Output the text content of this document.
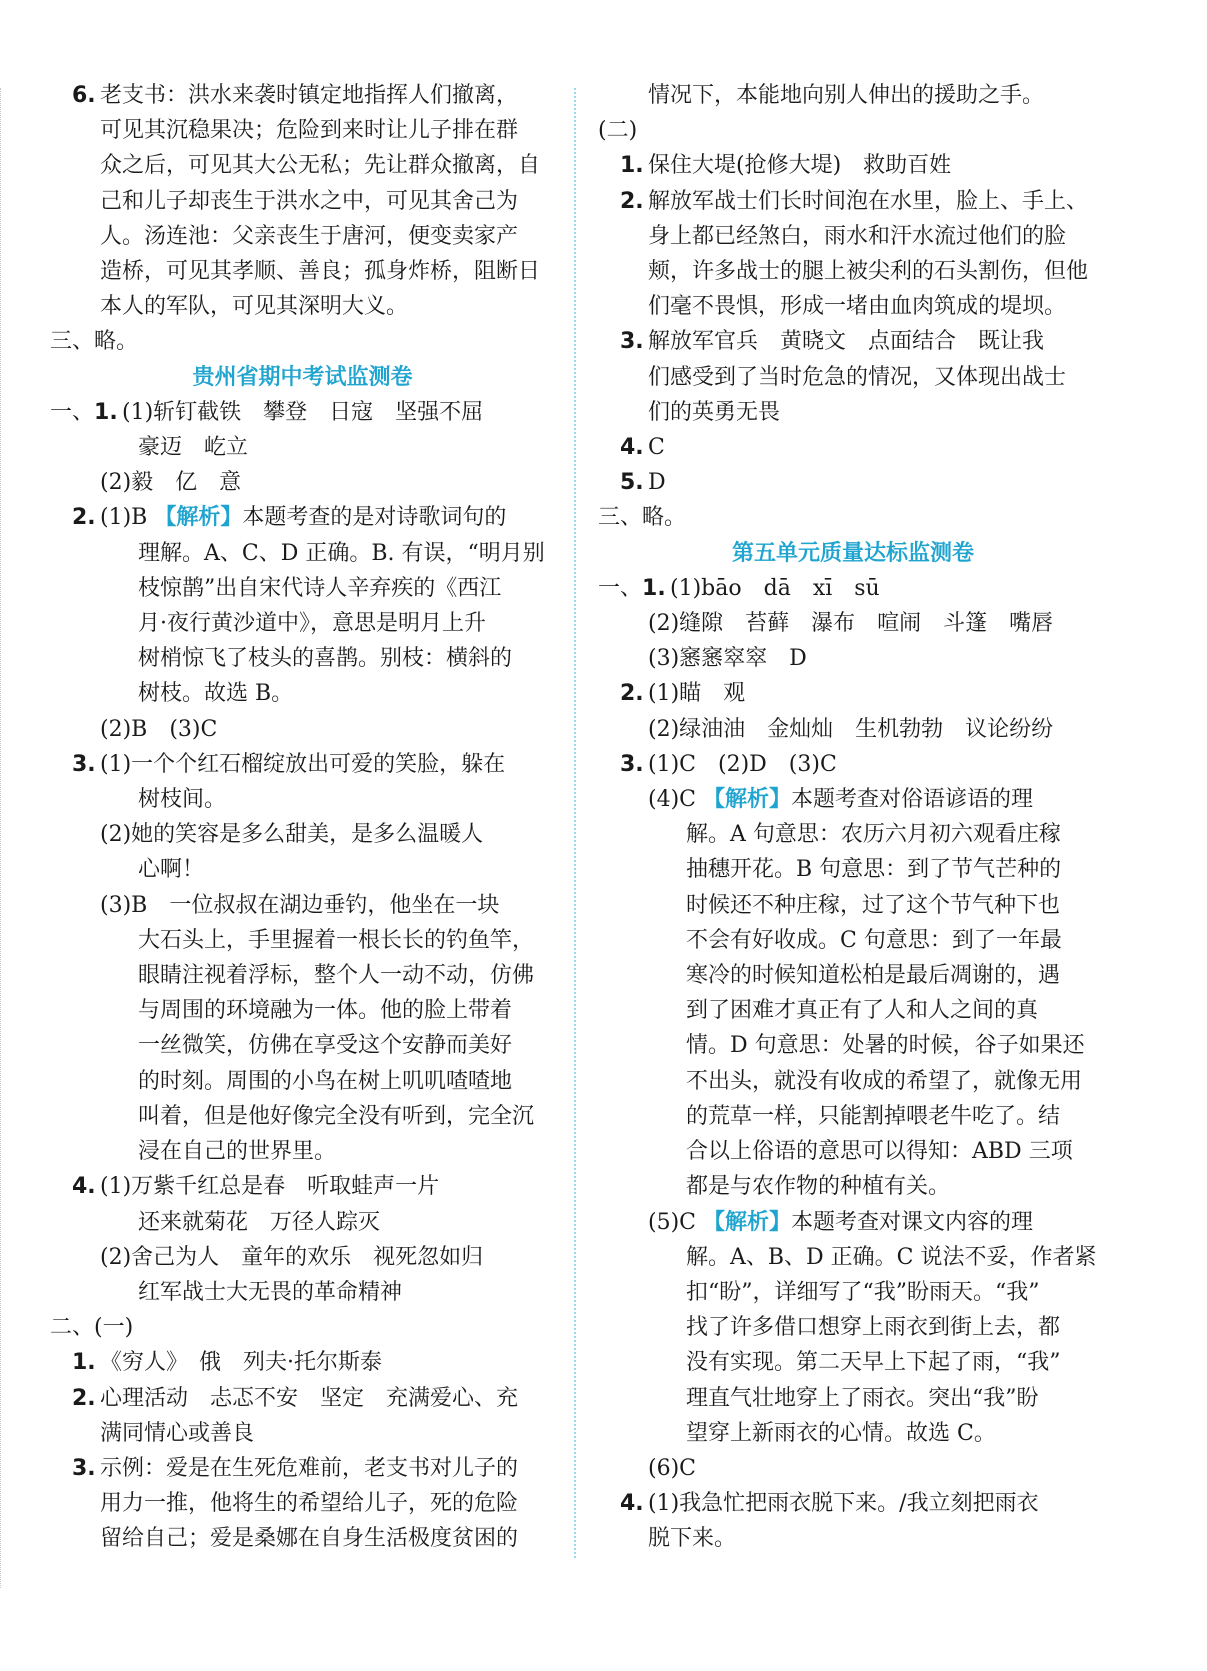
6. 老支书：洪水来袭时镇定地指挥人们撤离，
可见其沉稳果决；危险到来时让儿子排在群
众之后，可见其大公无私；先让群众撤离，自
己和儿子却丧生于洪水之中，可见其舍己为
人。汤连池：父亲丧生于唐河，便变卖家产
造桥，可见其孝顺、善良；孤身炸桥，阻断日
本人的军队，可见其深明大义。
三、略。
贵州省期中考试监测卷
一、1. (1)斩钉截铁　攀登　日寇　坚强不屈
豪迈　屹立
(2)毅　亿　意
2. (1)B 【解析】本题考查的是对诗歌词句的
理解。A、C、D 正确。B. 有误，“明月别
枝惊鹊”出自宋代诗人辛弃疾的《西江
月·夜行黄沙道中》，意思是明月上升
树梢惊飞了枝头的喜鹊。别枝：横斜的
树枝。故选 B。
(2)B　(3)C
3. (1)一个个红石榴绽放出可爱的笑脸，躲在
树枝间。
(2)她的笑容是多么甜美，是多么温暖人
心啊！
(3)B　一位叔叔在湖边垂钓，他坐在一块
大石头上，手里握着一根长长的钓鱼竿，
眼睛注视着浮标，整个人一动不动，仿佛
与周围的环境融为一体。他的脸上带着
一丝微笑，仿佛在享受这个安静而美好
的时刻。周围的小鸟在树上叽叽喳喳地
叫着，但是他好像完全没有听到，完全沉
浸在自己的世界里。
4. (1)万紫千红总是春　听取蛙声一片
还来就菊花　万径人踪灭
(2)舍己为人　童年的欢乐　视死忽如归
红军战士大无畏的革命精神
二、(一)
1. 《穷人》　俄　列夫·托尔斯泰
2. 心理活动　忐忑不安　坚定　充满爱心、充
满同情心或善良
3. 示例：爱是在生死危难前，老支书对儿子的
用力一推，他将生的希望给儿子，死的危险
留给自己；爱是桑娜在自身生活极度贫困的
情况下，本能地向别人伸出的援助之手。
(二)
1. 保住大堤(抢修大堤)　救助百姓
2. 解放军战士们长时间泡在水里，脸上、手上、
身上都已经煞白，雨水和汗水流过他们的脸
颊，许多战士的腿上被尖利的石头割伤，但他
们毫不畏惧，形成一堵由血肉筑成的堤坝。
3. 解放军官兵　黄晓文　点面结合　既让我
们感受到了当时危急的情况，又体现出战士
们的英勇无畏
4. C
5. D
三、略。
第五单元质量达标监测卷
一、1. (1)bāo　dā　xī　sū
(2)缝隙　苔藓　瀑布　喧闹　斗篷　嘴唇
(3)窸窸窣窣　D
2. (1)瞄　观
(2)绿油油　金灿灿　生机勃勃　议论纷纷
3. (1)C　(2)D　(3)C
(4)C 【解析】本题考查对俗语谚语的理
解。A 句意思：农历六月初六观看庄稼
抽穗开花。B 句意思：到了节气芒种的
时候还不种庄稼，过了这个节气种下也
不会有好收成。C 句意思：到了一年最
寒冷的时候知道松柏是最后凋谢的，遇
到了困难才真正有了人和人之间的真
情。D 句意思：处暑的时候，谷子如果还
不出头，就没有收成的希望了，就像无用
的荒草一样，只能割掉喂老牛吃了。结
合以上俗语的意思可以得知：ABD 三项
都是与农作物的种植有关。
(5)C 【解析】本题考查对课文内容的理
解。A、B、D 正确。C 说法不妥，作者紧
扣“盼”，详细写了“我”盼雨天。“我”
找了许多借口想穿上雨衣到街上去，都
没有实现。第二天早上下起了雨，“我”
理直气壮地穿上了雨衣。突出“我”盼
望穿上新雨衣的心情。故选 C。
(6)C
4. (1)我急忙把雨衣脱下来。/我立刻把雨衣
脱下来。
